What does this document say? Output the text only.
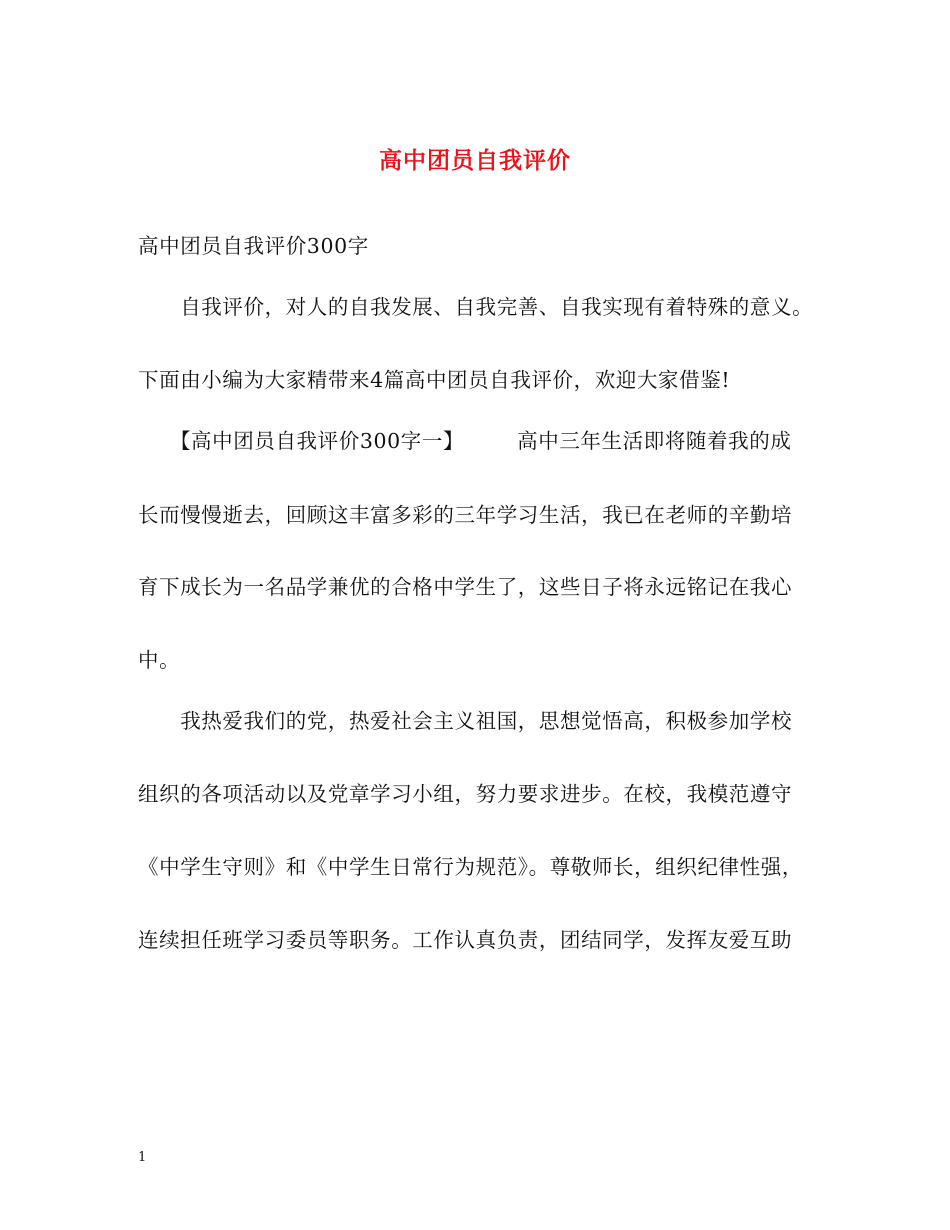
高中团员自我评价
高中团员自我评价300字
　　自我评价，对人的自我发展、自我完善、自我实现有着特殊的意义。
下面由小编为大家精带来4篇高中团员自我评价，欢迎大家借鉴!
　　【高中团员自我评价300字一】　　　高中三年生活即将随着我的成
长而慢慢逝去，回顾这丰富多彩的三年学习生活，我已在老师的辛勤培
育下成长为一名品学兼优的合格中学生了，这些日子将永远铭记在我心
中。
　　我热爱我们的党，热爱社会主义祖国，思想觉悟高，积极参加学校
组织的各项活动以及党章学习小组，努力要求进步。在校，我模范遵守
《中学生守则》和《中学生日常行为规范》。尊敬师长，组织纪律性强，
连续担任班学习委员等职务。工作认真负责，团结同学，发挥友爱互助
1
